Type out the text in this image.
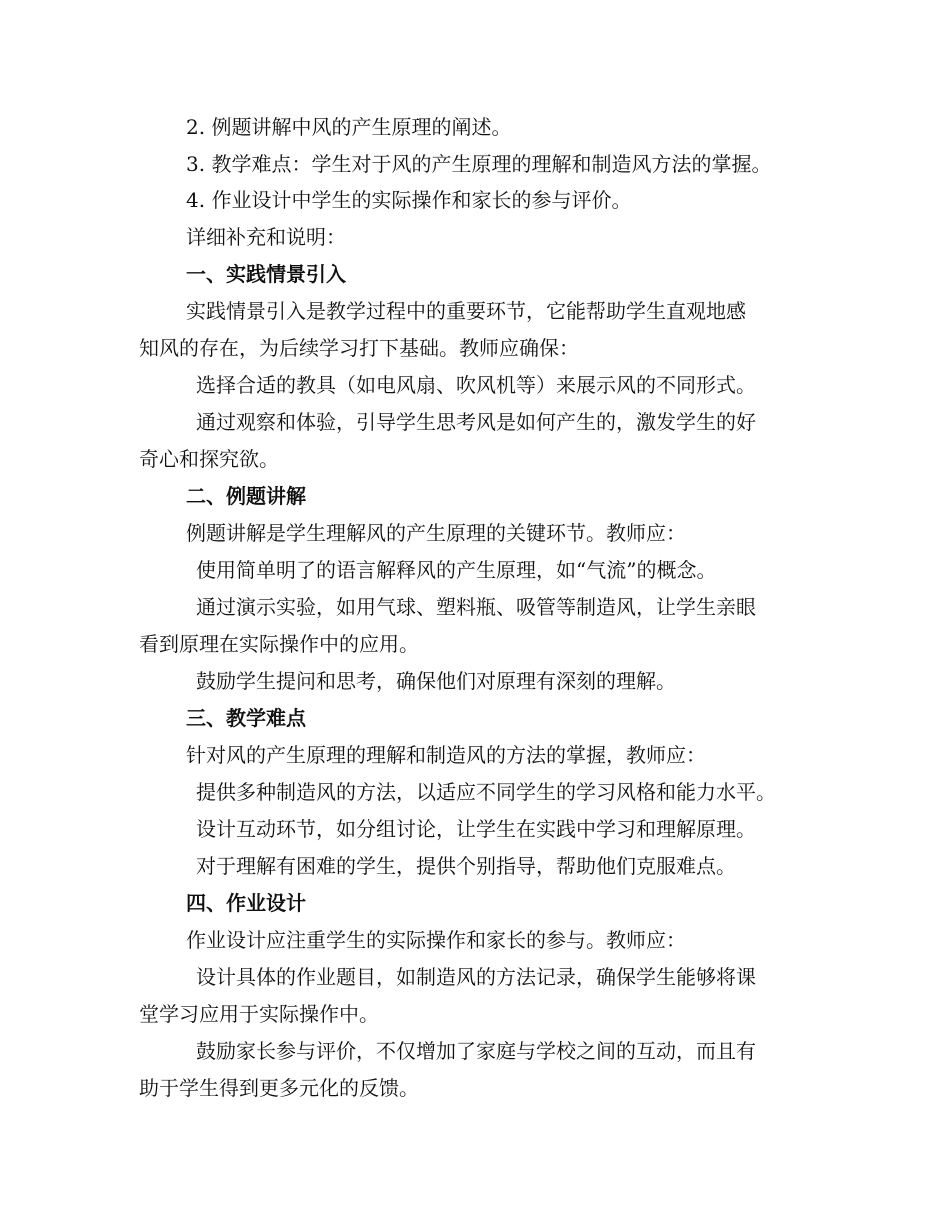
2. 例题讲解中风的产生原理的阐述。
3. 教学难点：学生对于风的产生原理的理解和制造风方法的掌握。
4. 作业设计中学生的实际操作和家长的参与评价。
详细补充和说明：
一、实践情景引入
实践情景引入是教学过程中的重要环节，它能帮助学生直观地感
知风的存在，为后续学习打下基础。教师应确保：
选择合适的教具（如电风扇、吹风机等）来展示风的不同形式。
通过观察和体验，引导学生思考风是如何产生的，激发学生的好
奇心和探究欲。
二、例题讲解
例题讲解是学生理解风的产生原理的关键环节。教师应：
使用简单明了的语言解释风的产生原理，如“气流”的概念。
通过演示实验，如用气球、塑料瓶、吸管等制造风，让学生亲眼
看到原理在实际操作中的应用。
鼓励学生提问和思考，确保他们对原理有深刻的理解。
三、教学难点
针对风的产生原理的理解和制造风的方法的掌握，教师应：
提供多种制造风的方法，以适应不同学生的学习风格和能力水平。
设计互动环节，如分组讨论，让学生在实践中学习和理解原理。
对于理解有困难的学生，提供个别指导，帮助他们克服难点。
四、作业设计
作业设计应注重学生的实际操作和家长的参与。教师应：
设计具体的作业题目，如制造风的方法记录，确保学生能够将课
堂学习应用于实际操作中。
鼓励家长参与评价，不仅增加了家庭与学校之间的互动，而且有
助于学生得到更多元化的反馈。
